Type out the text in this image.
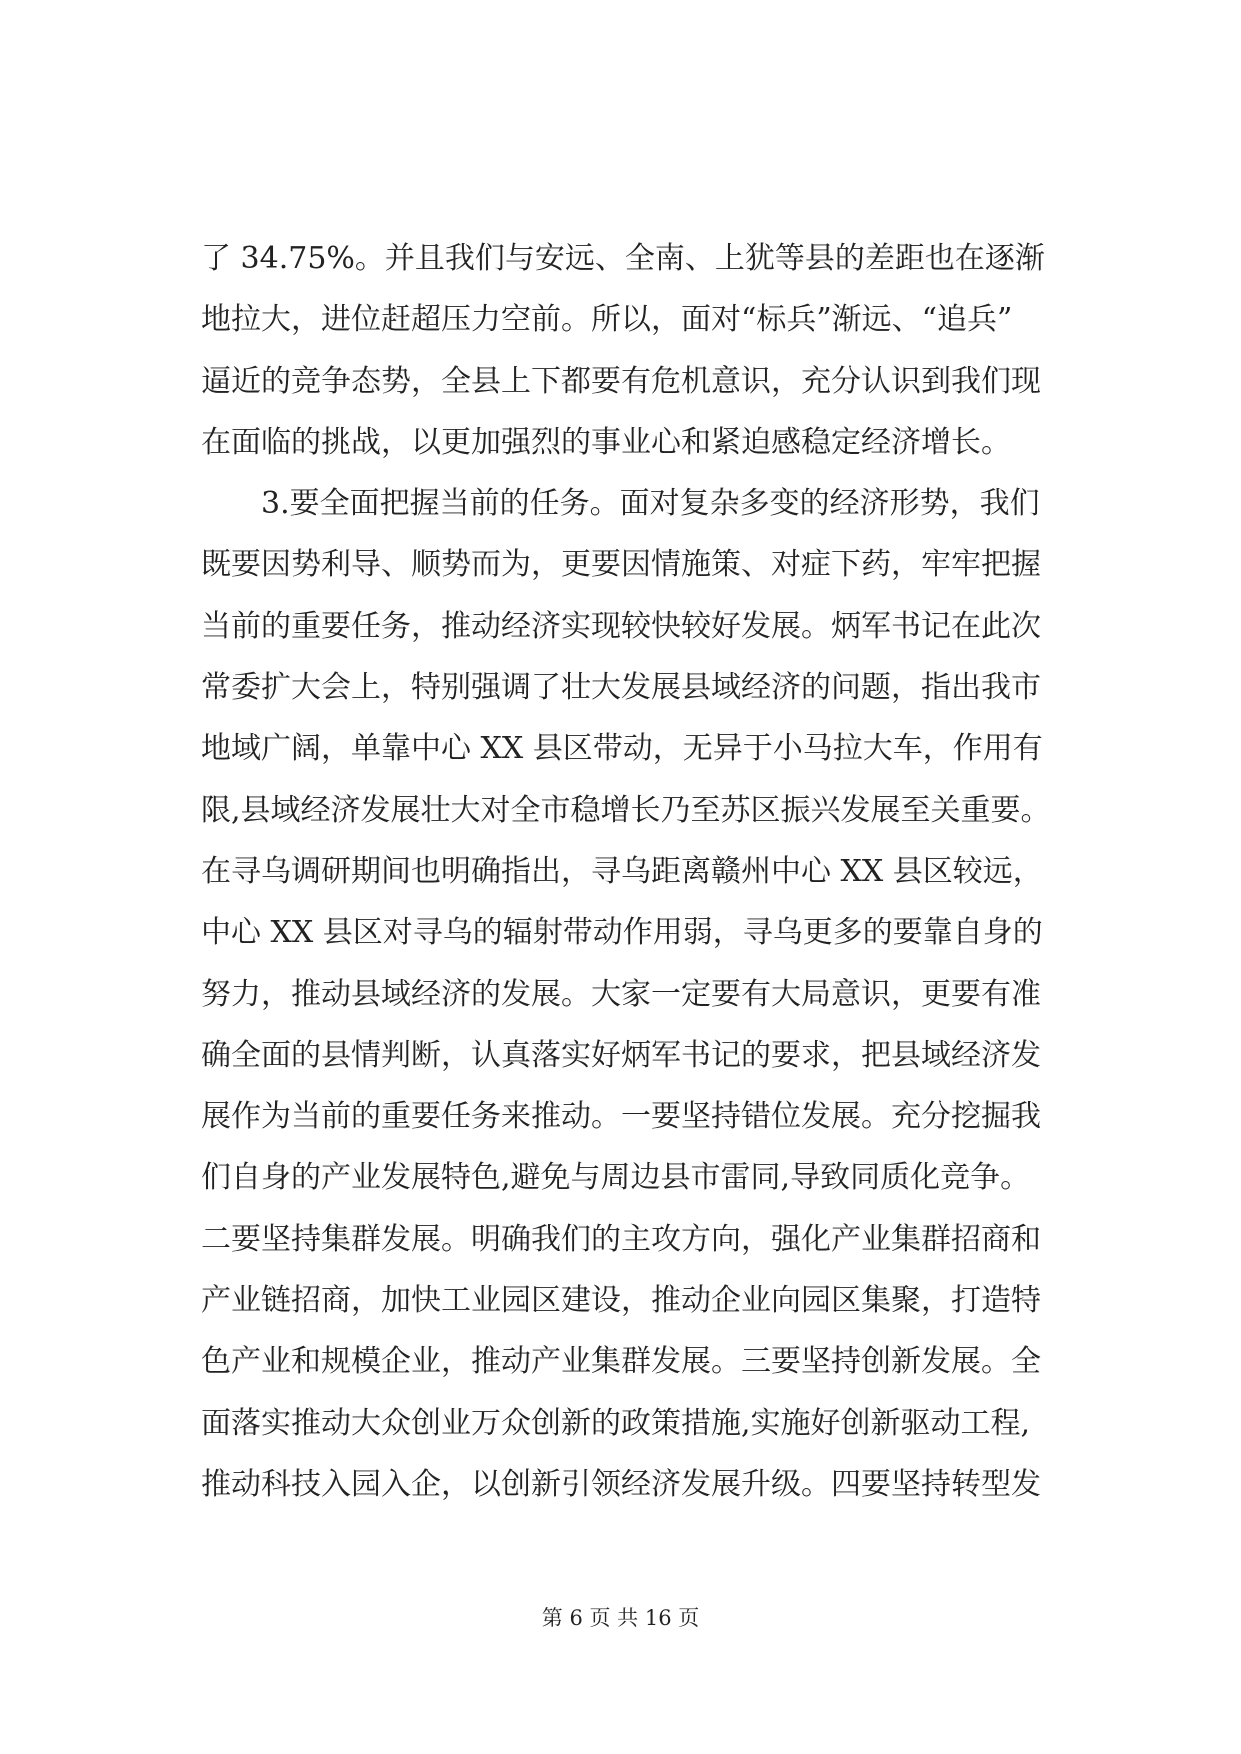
了 34.75%。并且我们与安远、全南、上犹等县的差距也在逐渐
地拉大，进位赶超压力空前。所以，面对“标兵”渐远、“追兵”
逼近的竞争态势，全县上下都要有危机意识，充分认识到我们现
在面临的挑战，以更加强烈的事业心和紧迫感稳定经济增长。
　　3.要全面把握当前的任务。面对复杂多变的经济形势，我们
既要因势利导、顺势而为，更要因情施策、对症下药，牢牢把握
当前的重要任务，推动经济实现较快较好发展。炳军书记在此次
常委扩大会上，特别强调了壮大发展县域经济的问题，指出我市
地域广阔，单靠中心 XX 县区带动，无异于小马拉大车，作用有
限,县域经济发展壮大对全市稳增长乃至苏区振兴发展至关重要。
在寻乌调研期间也明确指出，寻乌距离赣州中心 XX 县区较远，
中心 XX 县区对寻乌的辐射带动作用弱，寻乌更多的要靠自身的
努力，推动县域经济的发展。大家一定要有大局意识，更要有准
确全面的县情判断，认真落实好炳军书记的要求，把县域经济发
展作为当前的重要任务来推动。一要坚持错位发展。充分挖掘我
们自身的产业发展特色,避免与周边县市雷同,导致同质化竞争。
二要坚持集群发展。明确我们的主攻方向，强化产业集群招商和
产业链招商，加快工业园区建设，推动企业向园区集聚，打造特
色产业和规模企业，推动产业集群发展。三要坚持创新发展。全
面落实推动大众创业万众创新的政策措施,实施好创新驱动工程,
推动科技入园入企，以创新引领经济发展升级。四要坚持转型发
第 6 页 共 16 页
